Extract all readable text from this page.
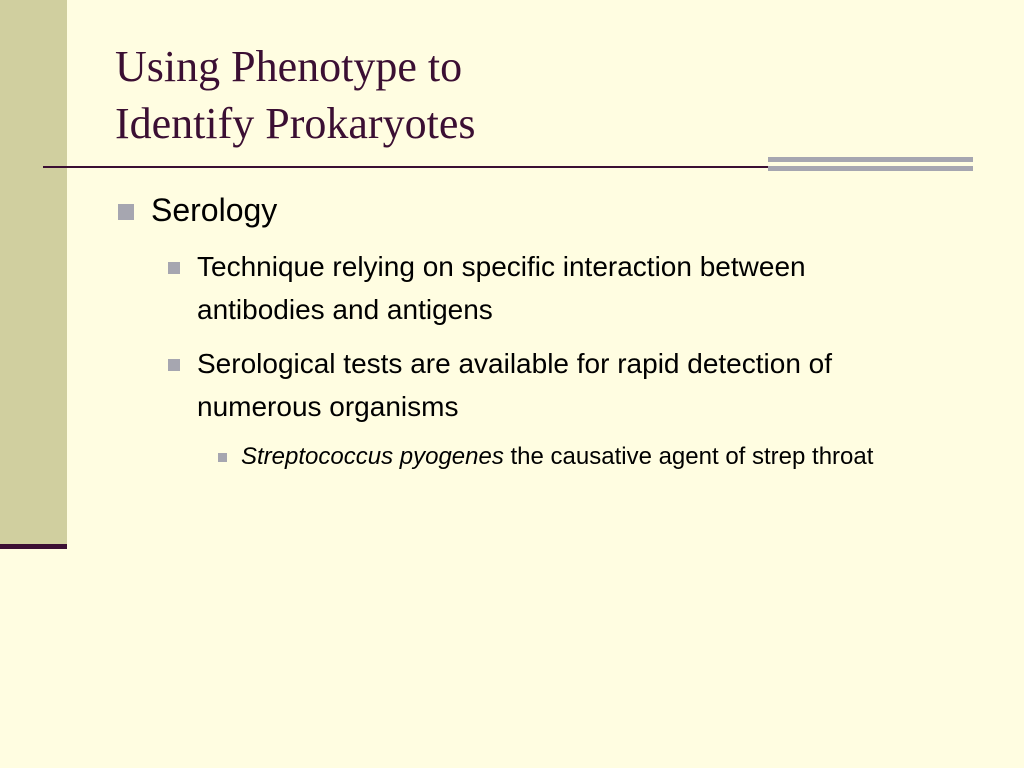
Using Phenotype to
Identify Prokaryotes

Serology

Technique relying on specific interaction between antibodies and antigens

Serological tests are available for rapid detection of numerous organisms

Streptococcus pyogenes the causative agent of strep throat
